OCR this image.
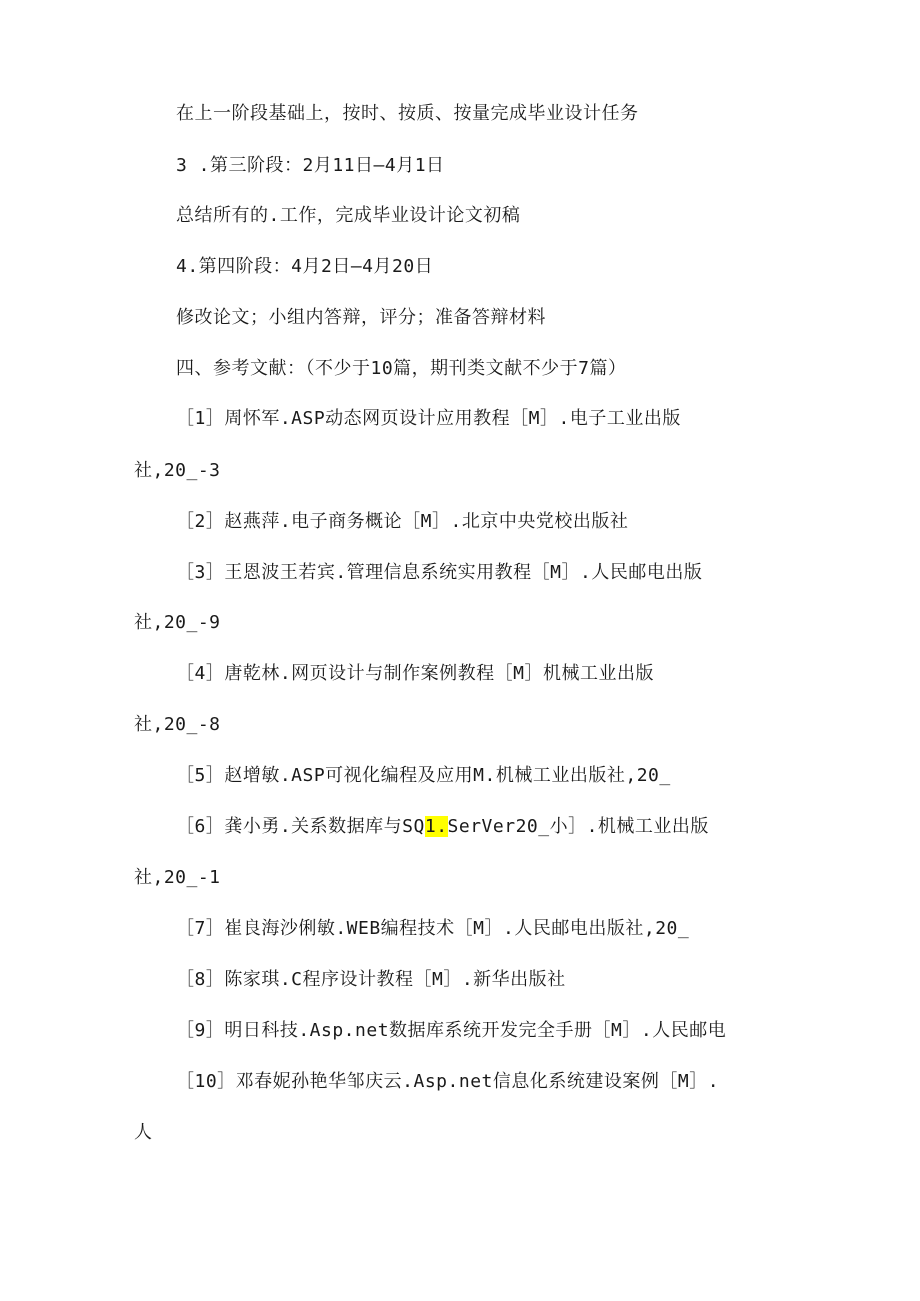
在上一阶段基础上，按时、按质、按量完成毕业设计任务
3 .第三阶段：2月11日—4月1日
总结所有的.工作，完成毕业设计论文初稿
4.第四阶段：4月2日—4月20日
修改论文；小组内答辩，评分；准备答辩材料
四、参考文献：（不少于10篇，期刊类文献不少于7篇）
［1］周怀军.ASP动态网页设计应用教程［M］.电子工业出版
社,20_-3
［2］赵燕萍.电子商务概论［M］.北京中央党校出版社
［3］王恩波王若宾.管理信息系统实用教程［M］.人民邮电出版
社,20_-9
［4］唐乾林.网页设计与制作案例教程［M］机械工业出版
社,20_-8
［5］赵增敏.ASP可视化编程及应用M.机械工业出版社,20_
［6］龚小勇.关系数据库与SQ1.SerVer20_小］.机械工业出版
社,20_-1
［7］崔良海沙俐敏.WEB编程技术［M］.人民邮电出版社,20_
［8］陈家琪.C程序设计教程［M］.新华出版社
［9］明日科技.Asp.net数据库系统开发完全手册［M］.人民邮电
［10］邓春妮孙艳华邹庆云.Asp.net信息化系统建设案例［M］.
人
